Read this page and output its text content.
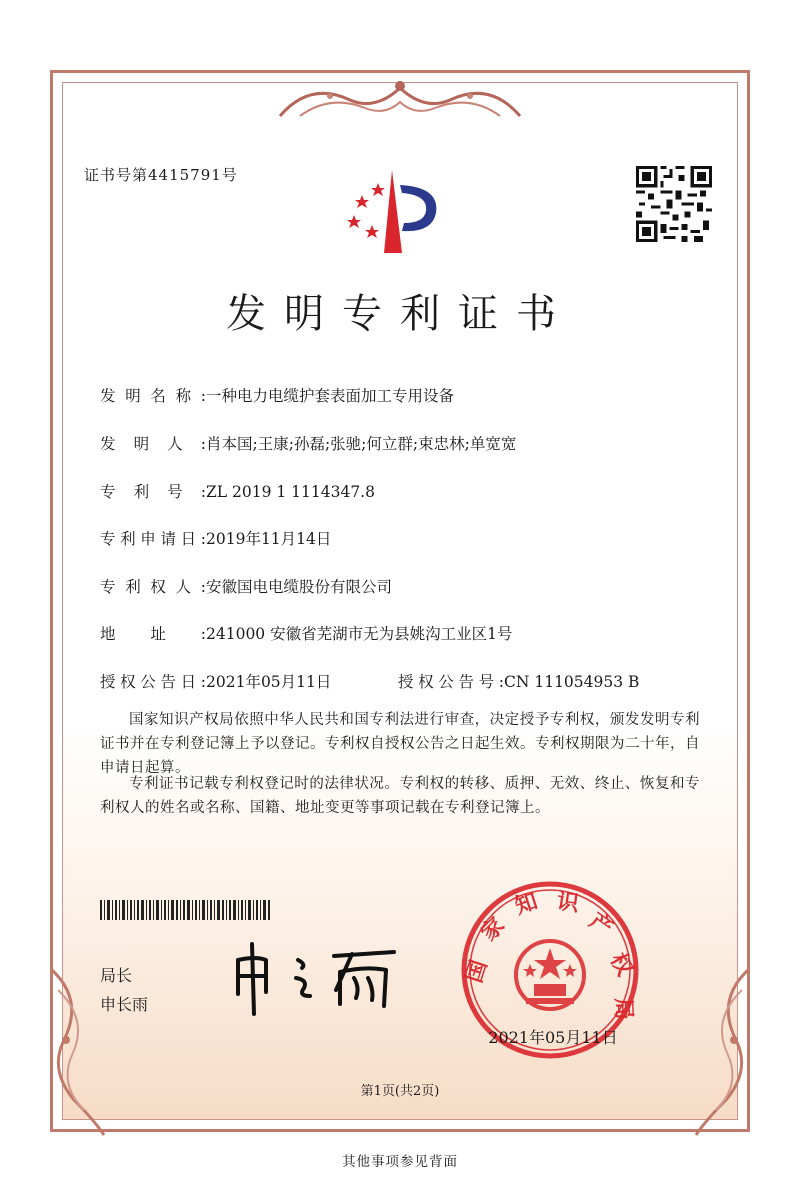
证书号第4415791号
发明专利证书
发明名称:一种电力电缆护套表面加工专用设备
发明人:肖本国;王康;孙磊;张驰;何立群;束忠林;单宽宽
专利号:ZL 2019 1 1114347.8
专利申请日:2019年11月14日
专利权人:安徽国电电缆股份有限公司
地址:241000 安徽省芜湖市无为县姚沟工业区1号
授权公告日:2021年05月11日	授权公告号:CN 111054953 B
国家知识产权局依照中华人民共和国专利法进行审查，决定授予专利权，颁发发明专利证书并在专利登记簿上予以登记。专利权自授权公告之日起生效。专利权期限为二十年，自申请日起算。
专利证书记载专利权登记时的法律状况。专利权的转移、质押、无效、终止、恢复和专利权人的姓名或名称、国籍、地址变更等事项记载在专利登记簿上。
局长
申长雨
国
家
知 识
产
权
局
2021年05月11日
第1页(共2页)
其他事项参见背面
